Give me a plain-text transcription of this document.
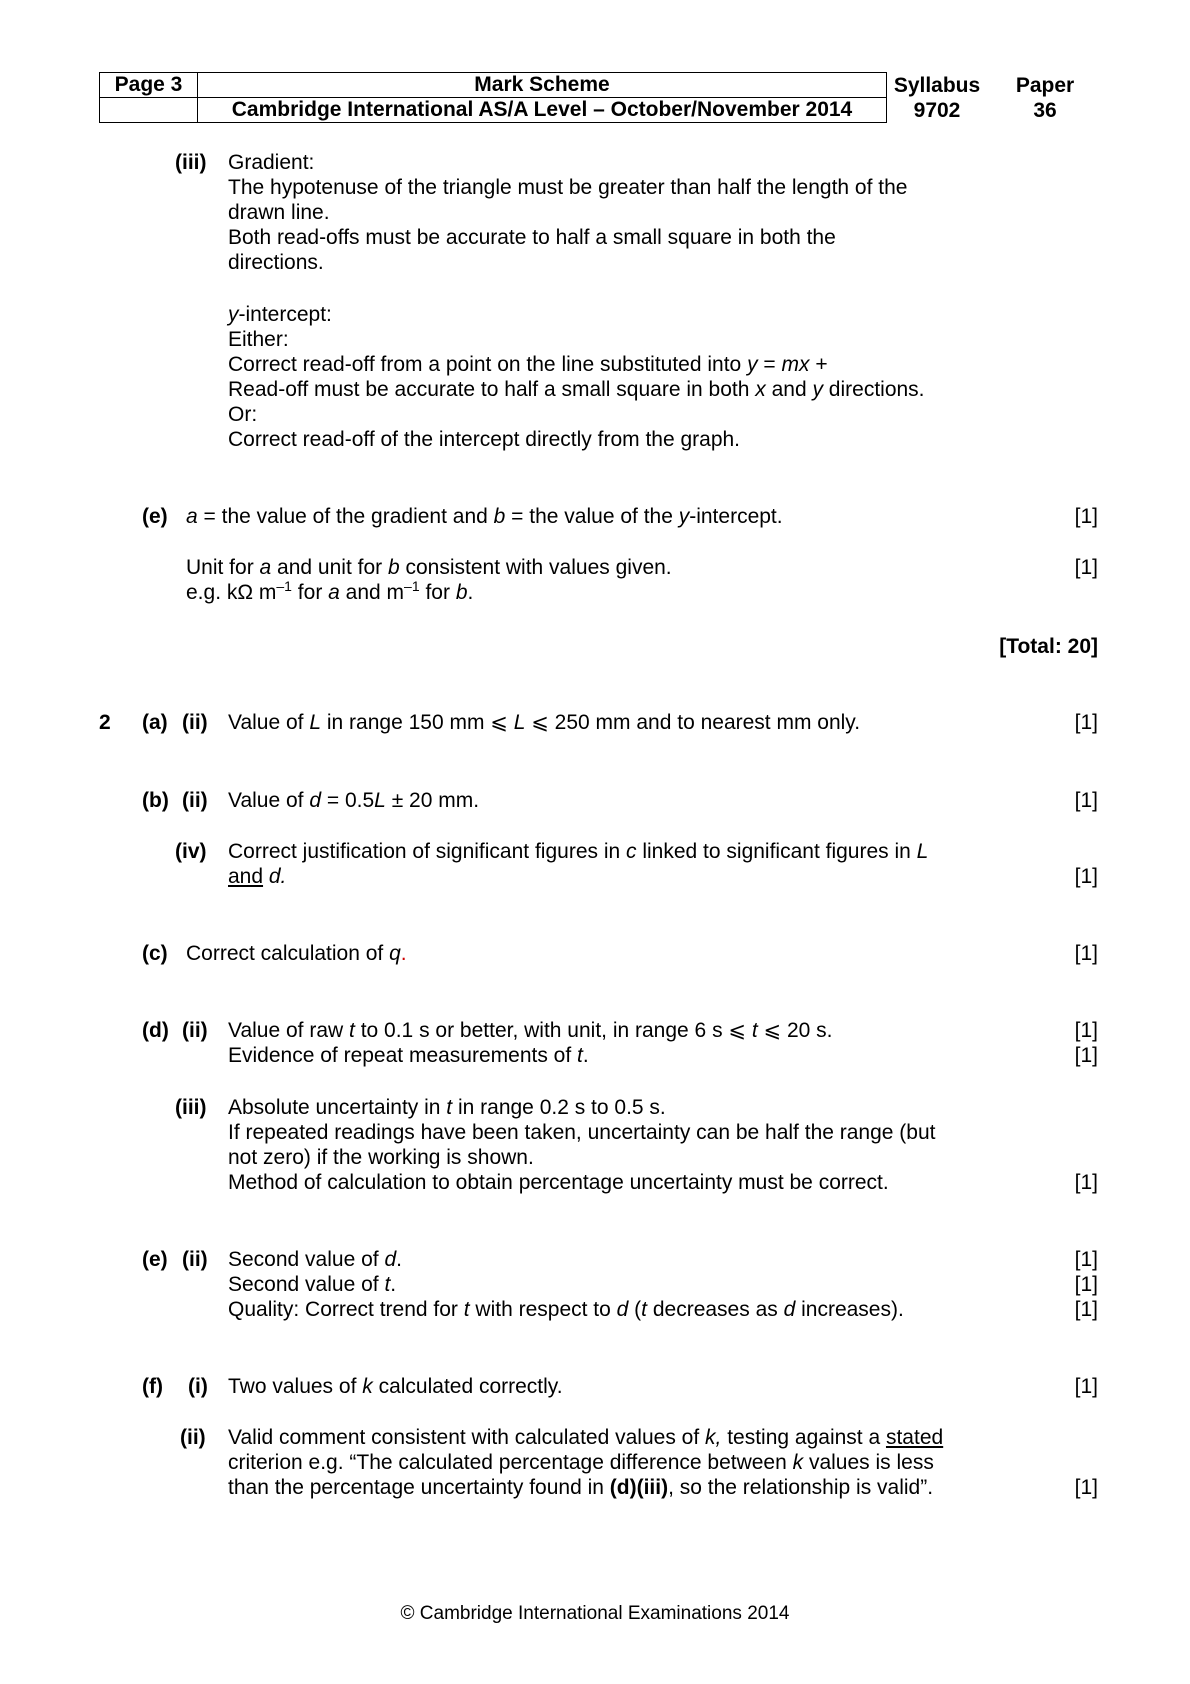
Page 3	Mark Scheme
	Cambridge International AS/A Level – October/November 2014
Syllabus
9702
Paper
36
(iii) Gradient:
The hypotenuse of the triangle must be greater than half the length of the
drawn line.
Both read-offs must be accurate to half a small square in both the
directions.
y-intercept:
Either:
Correct read-off from a point on the line substituted into y = mx +
Read-off must be accurate to half a small square in both x and y directions.
Or:
Correct read-off of the intercept directly from the graph.
(e) a = the value of the gradient and b = the value of the y-intercept.	[1]
Unit for a and unit for b consistent with values given.	[1]
e.g. kΩ $m^{-1}$ for a and $m^{-1}$ for b.
[Total: 20]
2 (a) (ii) Value of L in range 150 mm ⩽ L ⩽ 250 mm and to nearest mm only.	[1]
(b) (ii) Value of d = 0.5L ± 20 mm.	[1]
(iv) Correct justification of significant figures in c linked to significant figures in L
and d.	[1]
(c) Correct calculation of q.	[1]
(d) (ii) Value of raw t to 0.1 s or better, with unit, in range 6 s ⩽ t ⩽ 20 s.	[1]
Evidence of repeat measurements of t.	[1]
(iii) Absolute uncertainty in t in range 0.2 s to 0.5 s.
If repeated readings have been taken, uncertainty can be half the range (but
not zero) if the working is shown.
Method of calculation to obtain percentage uncertainty must be correct.	[1]
(e) (ii) Second value of d.	[1]
Second value of t.	[1]
Quality: Correct trend for t with respect to d (t decreases as d increases).	[1]
(f) (i) Two values of k calculated correctly.	[1]
(ii) Valid comment consistent with calculated values of k, testing against a stated
criterion e.g. “The calculated percentage difference between k values is less
than the percentage uncertainty found in (d)(iii), so the relationship is valid”.	[1]
© Cambridge International Examinations 2014
